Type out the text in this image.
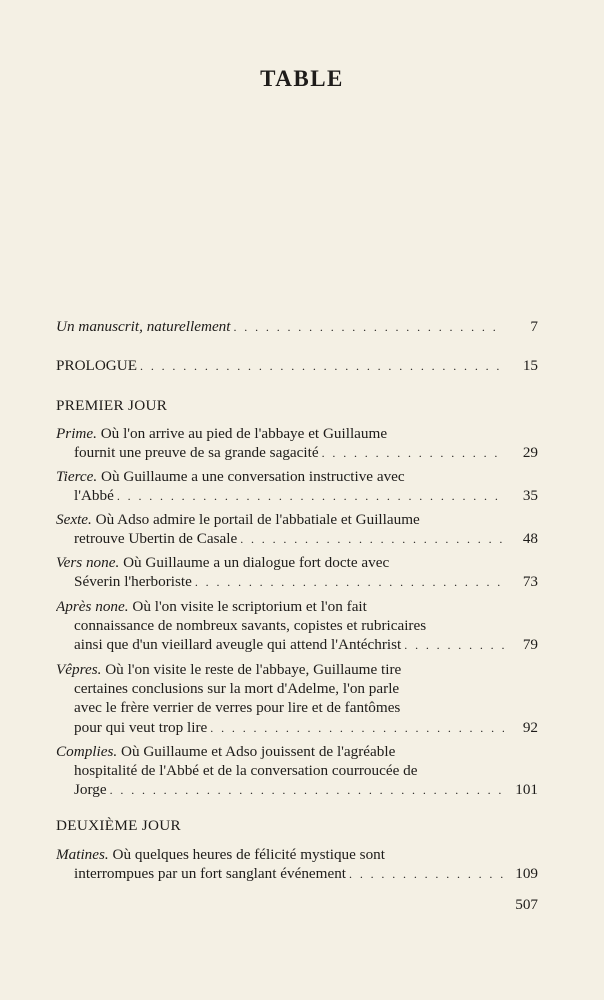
TABLE
Un manuscrit, naturellement . . .	7
PROLOGUE . . .	15
PREMIER JOUR
Prime. Où l'on arrive au pied de l'abbaye et Guillaume
fournit une preuve de sa grande sagacité . . .	29
Tierce. Où Guillaume a une conversation instructive avec
l'Abbé . . .	35
Sexte. Où Adso admire le portail de l'abbatiale et Guillaume
retrouve Ubertin de Casale . . .	48
Vers none. Où Guillaume a un dialogue fort docte avec
Séverin l'herboriste . . .	73
Après none. Où l'on visite le scriptorium et l'on fait
connaissance de nombreux savants, copistes et rubricaires
ainsi que d'un vieillard aveugle qui attend l'Antéchrist . . .	79
Vêpres. Où l'on visite le reste de l'abbaye, Guillaume tire
certaines conclusions sur la mort d'Adelme, l'on parle
avec le frère verrier de verres pour lire et de fantômes
pour qui veut trop lire . . .	92
Complies. Où Guillaume et Adso jouissent de l'agréable
hospitalité de l'Abbé et de la conversation courroucée de
Jorge . . .	101
DEUXIÈME JOUR
Matines. Où quelques heures de félicité mystique sont
interrompues par un fort sanglant événement . . .	109
507
